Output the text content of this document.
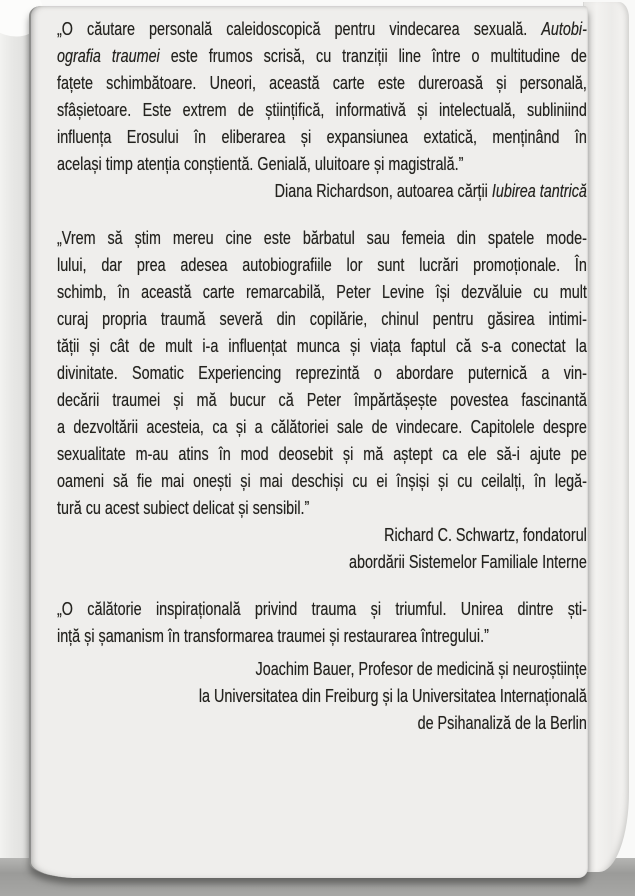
„O căutare personală caleidoscopică pentru vindecarea sexuală. Autobi-
ografia traumei este frumos scrisă, cu tranziții line între o multitudine de
fațete schimbătoare. Uneori, această carte este dureroasă și personală,
sfâșietoare. Este extrem de științifică, informativă și intelectuală, subliniind
influența Erosului în eliberarea și expansiunea extatică, menținând în
același timp atenția conștientă. Genială, uluitoare și magistrală.”
Diana Richardson, autoarea cărții Iubirea tantrică
„Vrem să știm mereu cine este bărbatul sau femeia din spatele mode-
lului, dar prea adesea autobiografiile lor sunt lucrări promoționale. În
schimb, în această carte remarcabilă, Peter Levine își dezvăluie cu mult
curaj propria traumă severă din copilărie, chinul pentru găsirea intimi-
tății și cât de mult i-a influențat munca și viața faptul că s-a conectat la
divinitate. Somatic Experiencing reprezintă o abordare puternică a vin-
decării traumei și mă bucur că Peter împărtășește povestea fascinantă
a dezvoltării acesteia, ca și a călătoriei sale de vindecare. Capitolele despre
sexualitate m-au atins în mod deosebit și mă aștept ca ele să-i ajute pe
oameni să fie mai onești și mai deschiși cu ei înșiși și cu ceilalți, în legă-
tură cu acest subiect delicat și sensibil.”
Richard C. Schwartz, fondatorul
abordării Sistemelor Familiale Interne
„O călătorie inspirațională privind trauma și triumful. Unirea dintre ști-
ință și șamanism în transformarea traumei și restaurarea întregului.”
Joachim Bauer, Profesor de medicină și neuroștiințe
la Universitatea din Freiburg și la Universitatea Internațională
de Psihanaliză de la Berlin
